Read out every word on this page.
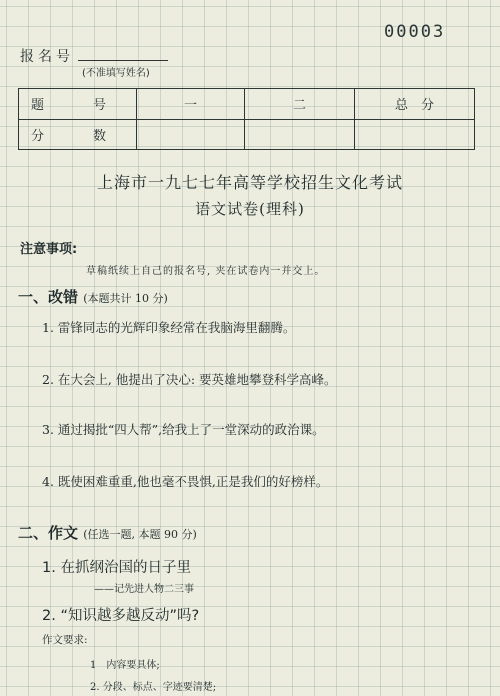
00003
报名号
(不准填写姓名)
题　号	一	二	总　分
分　数			
上海市一九七七年高等学校招生文化考试
语文试卷(理科)
注意事项:
草稿纸续上自己的报名号, 夹在试卷内一并交上。
一、改错 (本题共计 10 分)
1. 雷锋同志的光辉印象经常在我脑海里翻腾。
2. 在大会上, 他提出了决心: 要英雄地攀登科学高峰。
3. 通过揭批“四人帮”,给我上了一堂深动的政治课。
4. 既使困难重重,他也毫不畏惧,正是我们的好榜样。
二、作文 (任选一题, 本题 90 分)
1. 在抓纲治国的日子里
——记先进人物二三事
2. “知识越多越反动”吗?
作文要求:
1　内容要具体;
2. 分段、标点、字迹要清楚;
